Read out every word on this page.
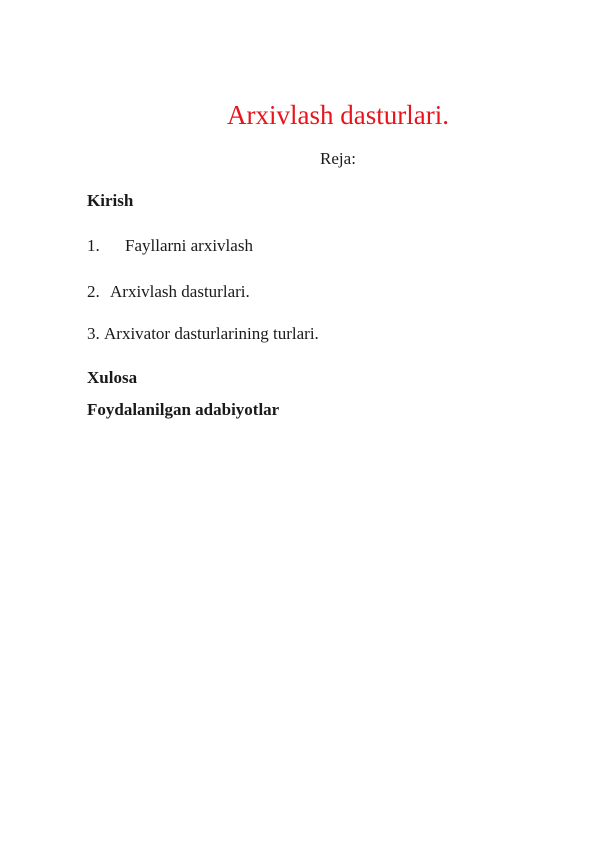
Arxivlash dasturlari.
Reja:
Kirish
1. Fayllarni arxivlash
2. Arxivlash dasturlari.
3. Arxivator dasturlarining turlari.
Xulosa
Foydalanilgan adabiyotlar
